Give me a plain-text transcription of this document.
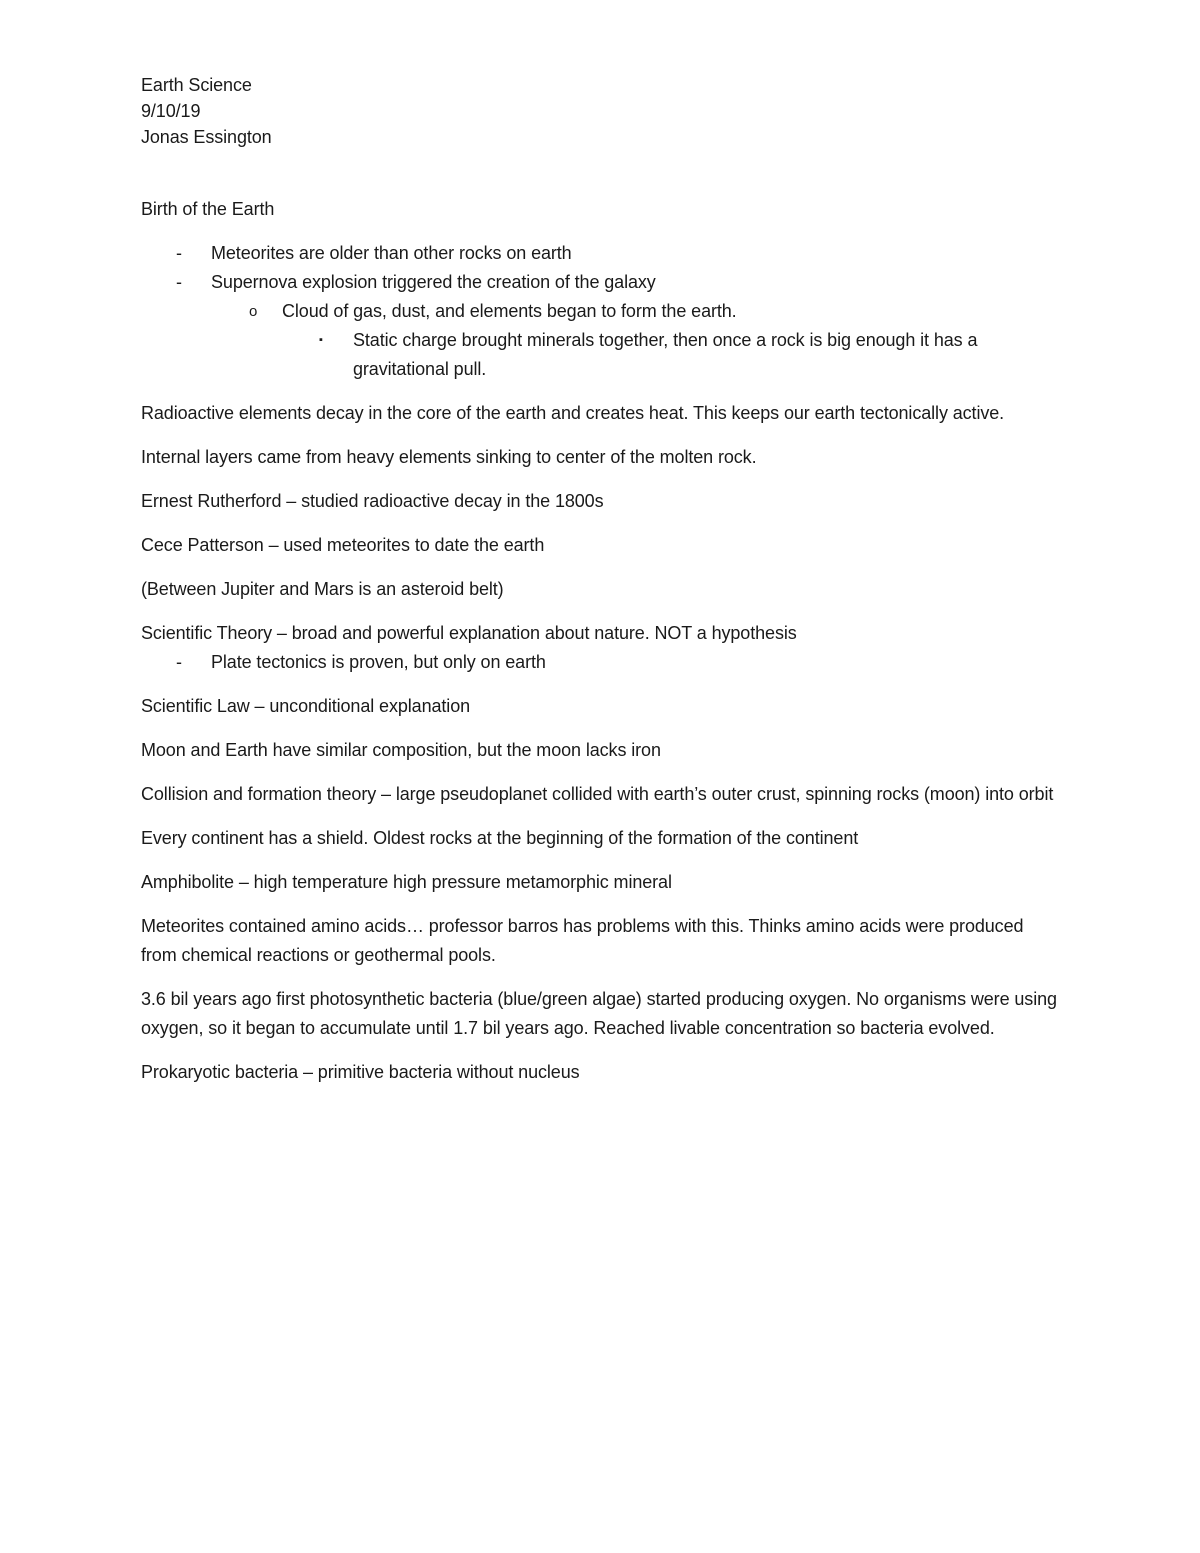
Earth Science
9/10/19
Jonas Essington
Birth of the Earth
- Meteorites are older than other rocks on earth
- Supernova explosion triggered the creation of the galaxy
o Cloud of gas, dust, and elements began to form the earth.
▪ Static charge brought minerals together, then once a rock is big enough it has a gravitational pull.

Radioactive elements decay in the core of the earth and creates heat. This keeps our earth tectonically active.

Internal layers came from heavy elements sinking to center of the molten rock.

Ernest Rutherford – studied radioactive decay in the 1800s

Cece Patterson – used meteorites to date the earth

(Between Jupiter and Mars is an asteroid belt)

Scientific Theory – broad and powerful explanation about nature. NOT a hypothesis

- Plate tectonics is proven, but only on earth

Scientific Law – unconditional explanation

Moon and Earth have similar composition, but the moon lacks iron

Collision and formation theory – large pseudoplanet collided with earth’s outer crust, spinning rocks (moon) into orbit

Every continent has a shield. Oldest rocks at the beginning of the formation of the continent

Amphibolite – high temperature high pressure metamorphic mineral

Meteorites contained amino acids… professor barros has problems with this. Thinks amino acids were produced from chemical reactions or geothermal pools.

3.6 bil years ago first photosynthetic bacteria (blue/green algae) started producing oxygen. No organisms were using oxygen, so it began to accumulate until 1.7 bil years ago. Reached livable concentration so bacteria evolved.

Prokaryotic bacteria – primitive bacteria without nucleus
